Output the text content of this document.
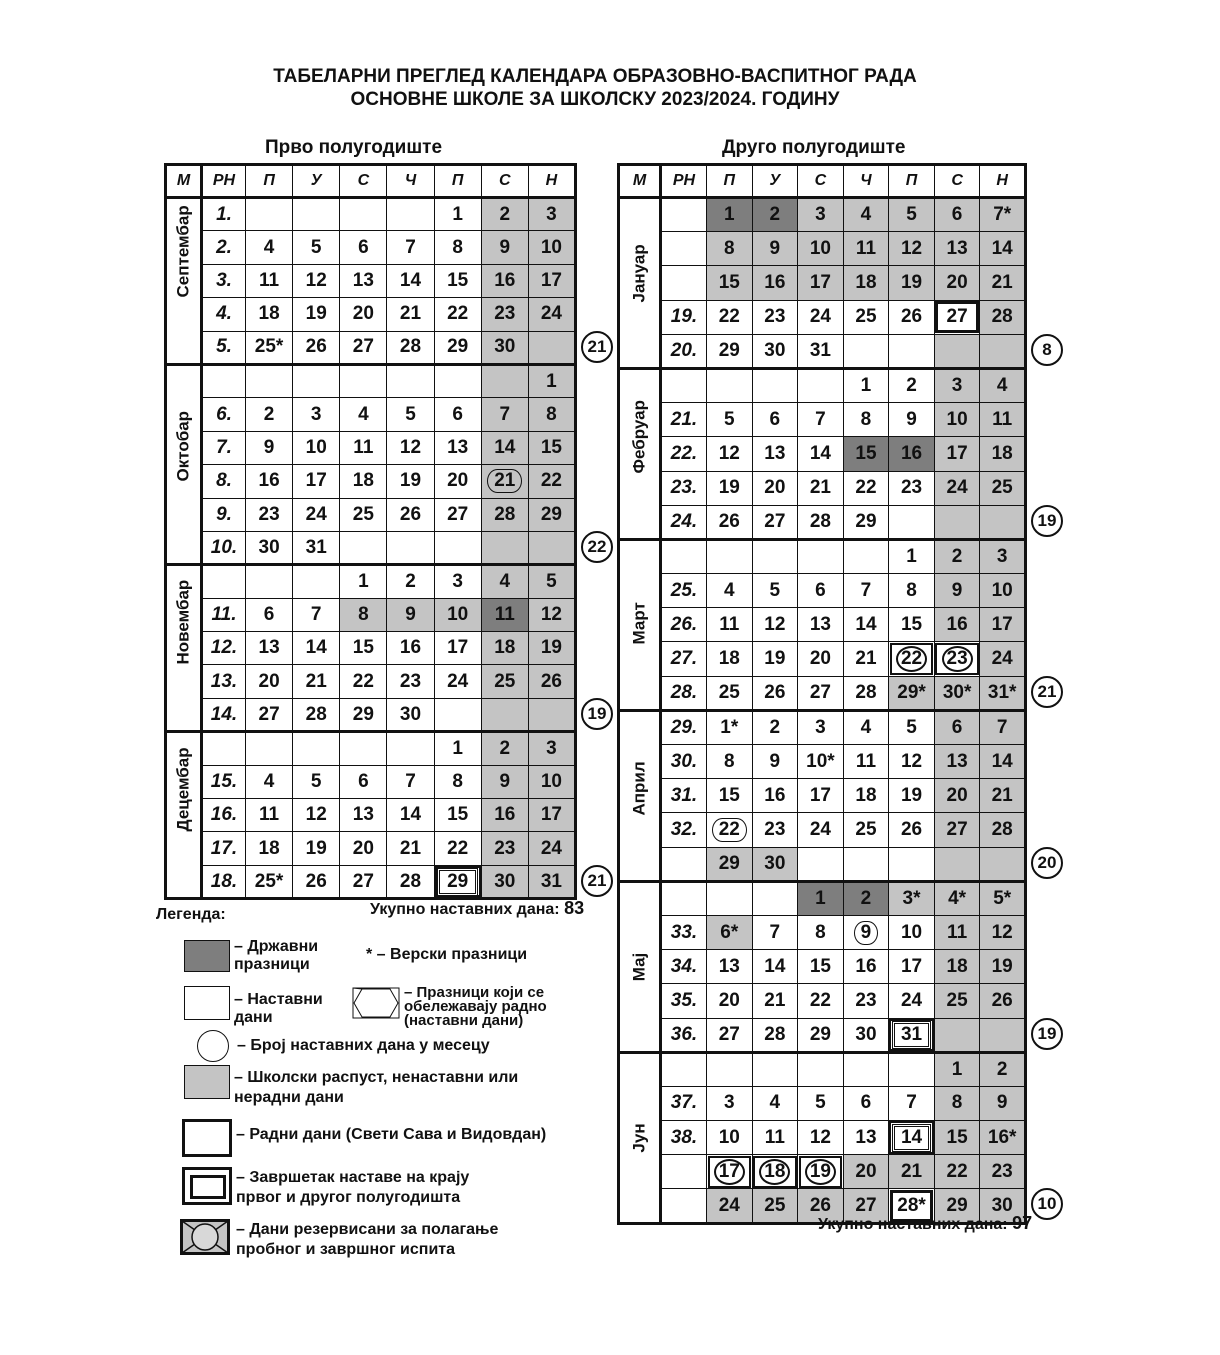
ТАБЕЛАРНИ ПРЕГЛЕД КАЛЕНДАРА ОБРАЗОВНО-ВАСПИТНОГ РАДА
ОСНОВНЕ ШКОЛЕ ЗА ШКОЛСКУ 2023/2024. ГОДИНУ
Прво полугодиште	Друго полугодиште
М	РН	П	У	С	Ч	П	С	Н

Септембар	1.					1	2	3
	2.	4	5	6	7	8	9	10
	3.	11	12	13	14	15	16	17
	4.	18	19	20	21	22	23	24
	5.	25*	26	27	28	29	30	

Октобар								1
	6.	2	3	4	5	6	7	8
	7.	9	10	11	12	13	14	15
	8.	16	17	18	19	20	21	22
	9.	23	24	25	26	27	28	29
	10.	30	31					

Новембар				1	2	3	4	5
	11.	6	7	8	9	10	11	12
	12.	13	14	15	16	17	18	19
	13.	20	21	22	23	24	25	26
	14.	27	28	29	30			

Децембар						1	2	3
	15.	4	5	6	7	8	9	10
	16.	11	12	13	14	15	16	17
	17.	18	19	20	21	22	23	24
	18.	25*	26	27	28	29	30	31
М	РН	П	У	С	Ч	П	С	Н

Јануар		1	2	3	4	5	6	7*
		8	9	10	11	12	13	14
		15	16	17	18	19	20	21
	19.	22	23	24	25	26	27	28
	20.	29	30	31				

Фебруар					1	2	3	4
	21.	5	6	7	8	9	10	11
	22.	12	13	14	15	16	17	18
	23.	19	20	21	22	23	24	25
	24.	26	27	28	29			

Март						1	2	3
	25.	4	5	6	7	8	9	10
	26.	11	12	13	14	15	16	17
	27.	18	19	20	21	22	23	24
	28.	25	26	27	28	29*	30*	31*

Април	29.	1*	2	3	4	5	6	7
	30.	8	9	10*	11	12	13	14
	31.	15	16	17	18	19	20	21
	32.	22	23	24	25	26	27	28
		29	30					

Мај				1	2	3*	4*	5*
	33.	6*	7	8	9	10	11	12
	34.	13	14	15	16	17	18	19
	35.	20	21	22	23	24	25	26
	36.	27	28	29	30	31		

Јун							1	2
	37.	3	4	5	6	7	8	9
	38.	10	11	12	13	14	15	16*
		17	18	19	20	21	22	23
		24	25	26	27	28*	29	30
21
22
19
21
8
19
21
20
19
10
Укупно наставних дана: 83
Укупно наставних дана: 97
Легенда:
– Државни празници
* – Верски празници
– Наставни дани
– Празници који се обележавају радно (наставни дани)
– Број наставних дана у месецу
– Школски распуст, ненаставни или нерадни дани
– Радни дани (Свети Сава и Видовдан)
– Завршетак наставе на крају првог и другог полугодишта
– Дани резервисани за полагање пробног и завршног испита
